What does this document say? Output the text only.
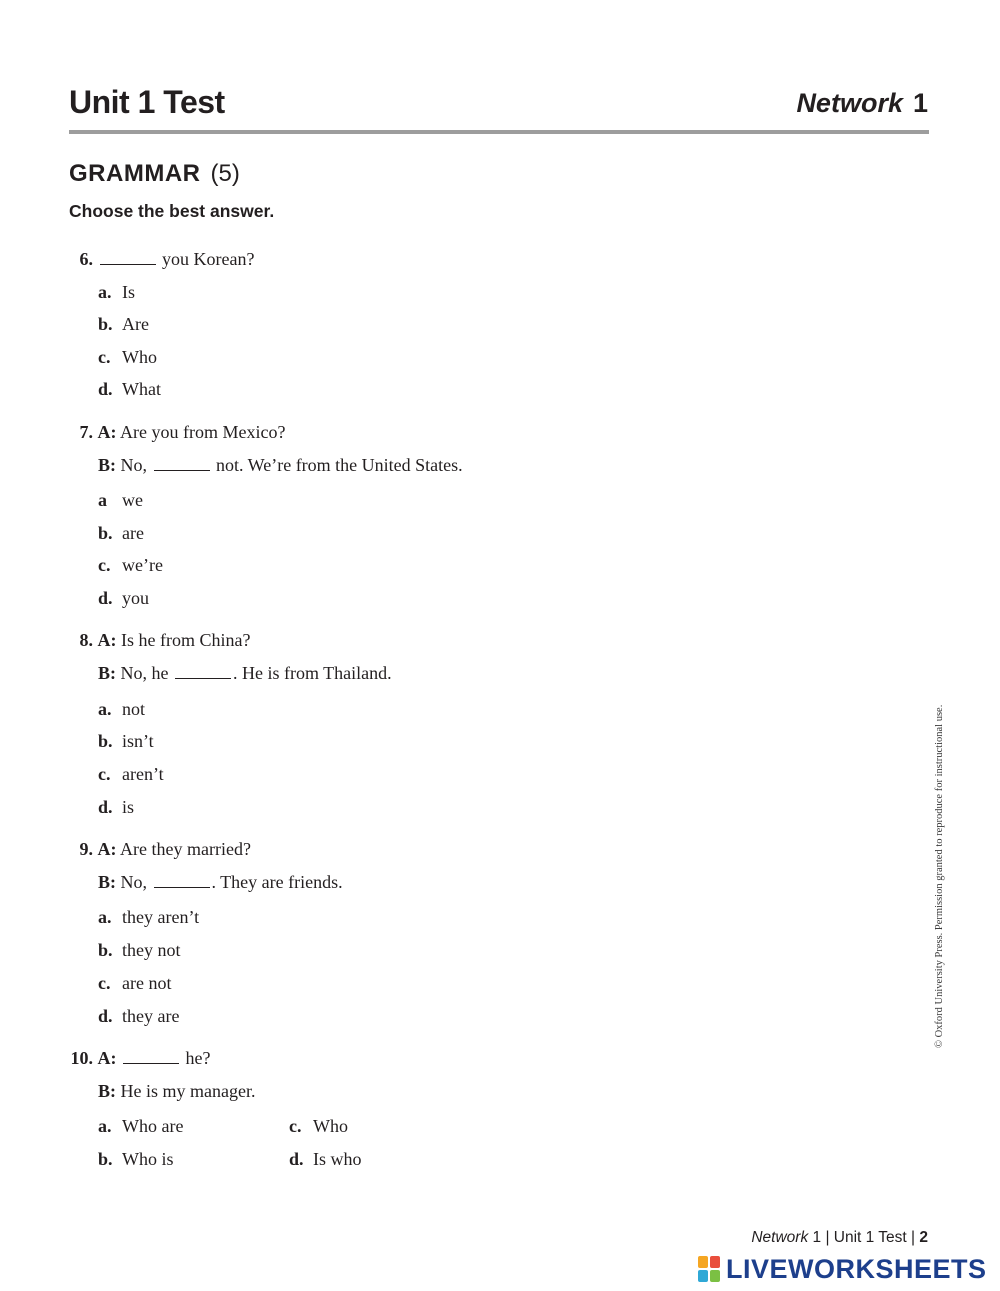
Unit 1 Test	Network 1
GRAMMAR (5)
Choose the best answer.
6.	you Korean?
a. Is
b. Are
c. Who
d. What
7. A: Are you from Mexico?
B: No,	not. We’re from the United States.
a we
b. are
c. we’re
d. you
8. A: Is he from China?
B: No, he	. He is from Thailand.
a. not
b. isn’t
c. aren’t
d. is
9. A: Are they married?
B: No,	. They are friends.
a. they aren’t
b. they not
c. are not
d. they are
10. A:	he?
B: He is my manager.
a. Who are
b. Who is
c. Who
d. Is who
© Oxford University Press. Permission granted to reproduce for instructional use.
Network 1 | Unit 1 Test | 2
LIVEWORKSHEETS
